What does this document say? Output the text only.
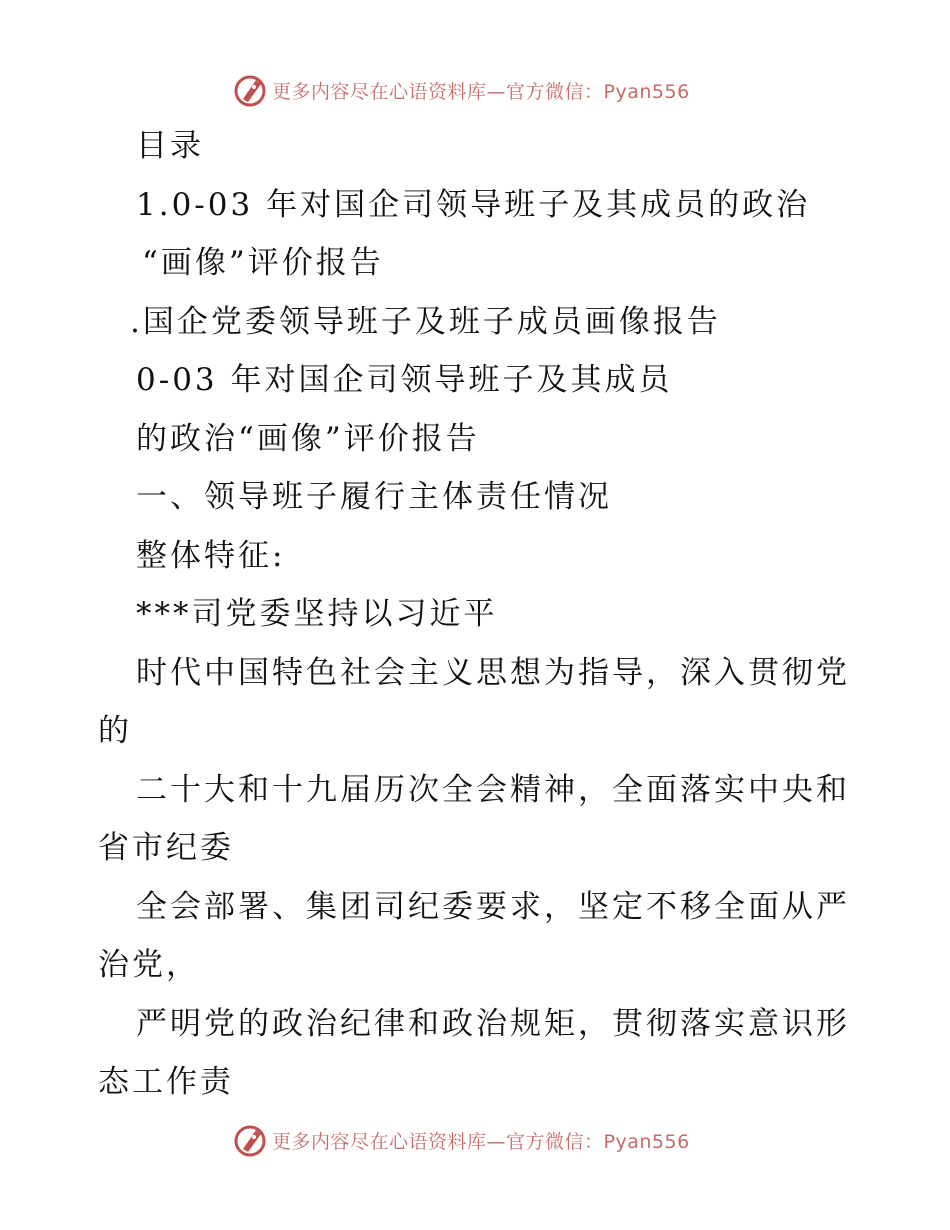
更多内容尽在心语资料库—官方微信：Pyan556

目录

1.0-03 年对国企司领导班子及其成员的政治

“画像”评价报告

.国企党委领导班子及班子成员画像报告

0-03 年对国企司领导班子及其成员

的政治“画像”评价报告

一、领导班子履行主体责任情况

整体特征:

***司党委坚持以习近平

时代中国特色社会主义思想为指导，深入贯彻党

的

二十大和十九届历次全会精神，全面落实中央和

省市纪委

全会部署、集团司纪委要求，坚定不移全面从严

治党，

严明党的政治纪律和政治规矩，贯彻落实意识形

态工作责

更多内容尽在心语资料库—官方微信：Pyan556
